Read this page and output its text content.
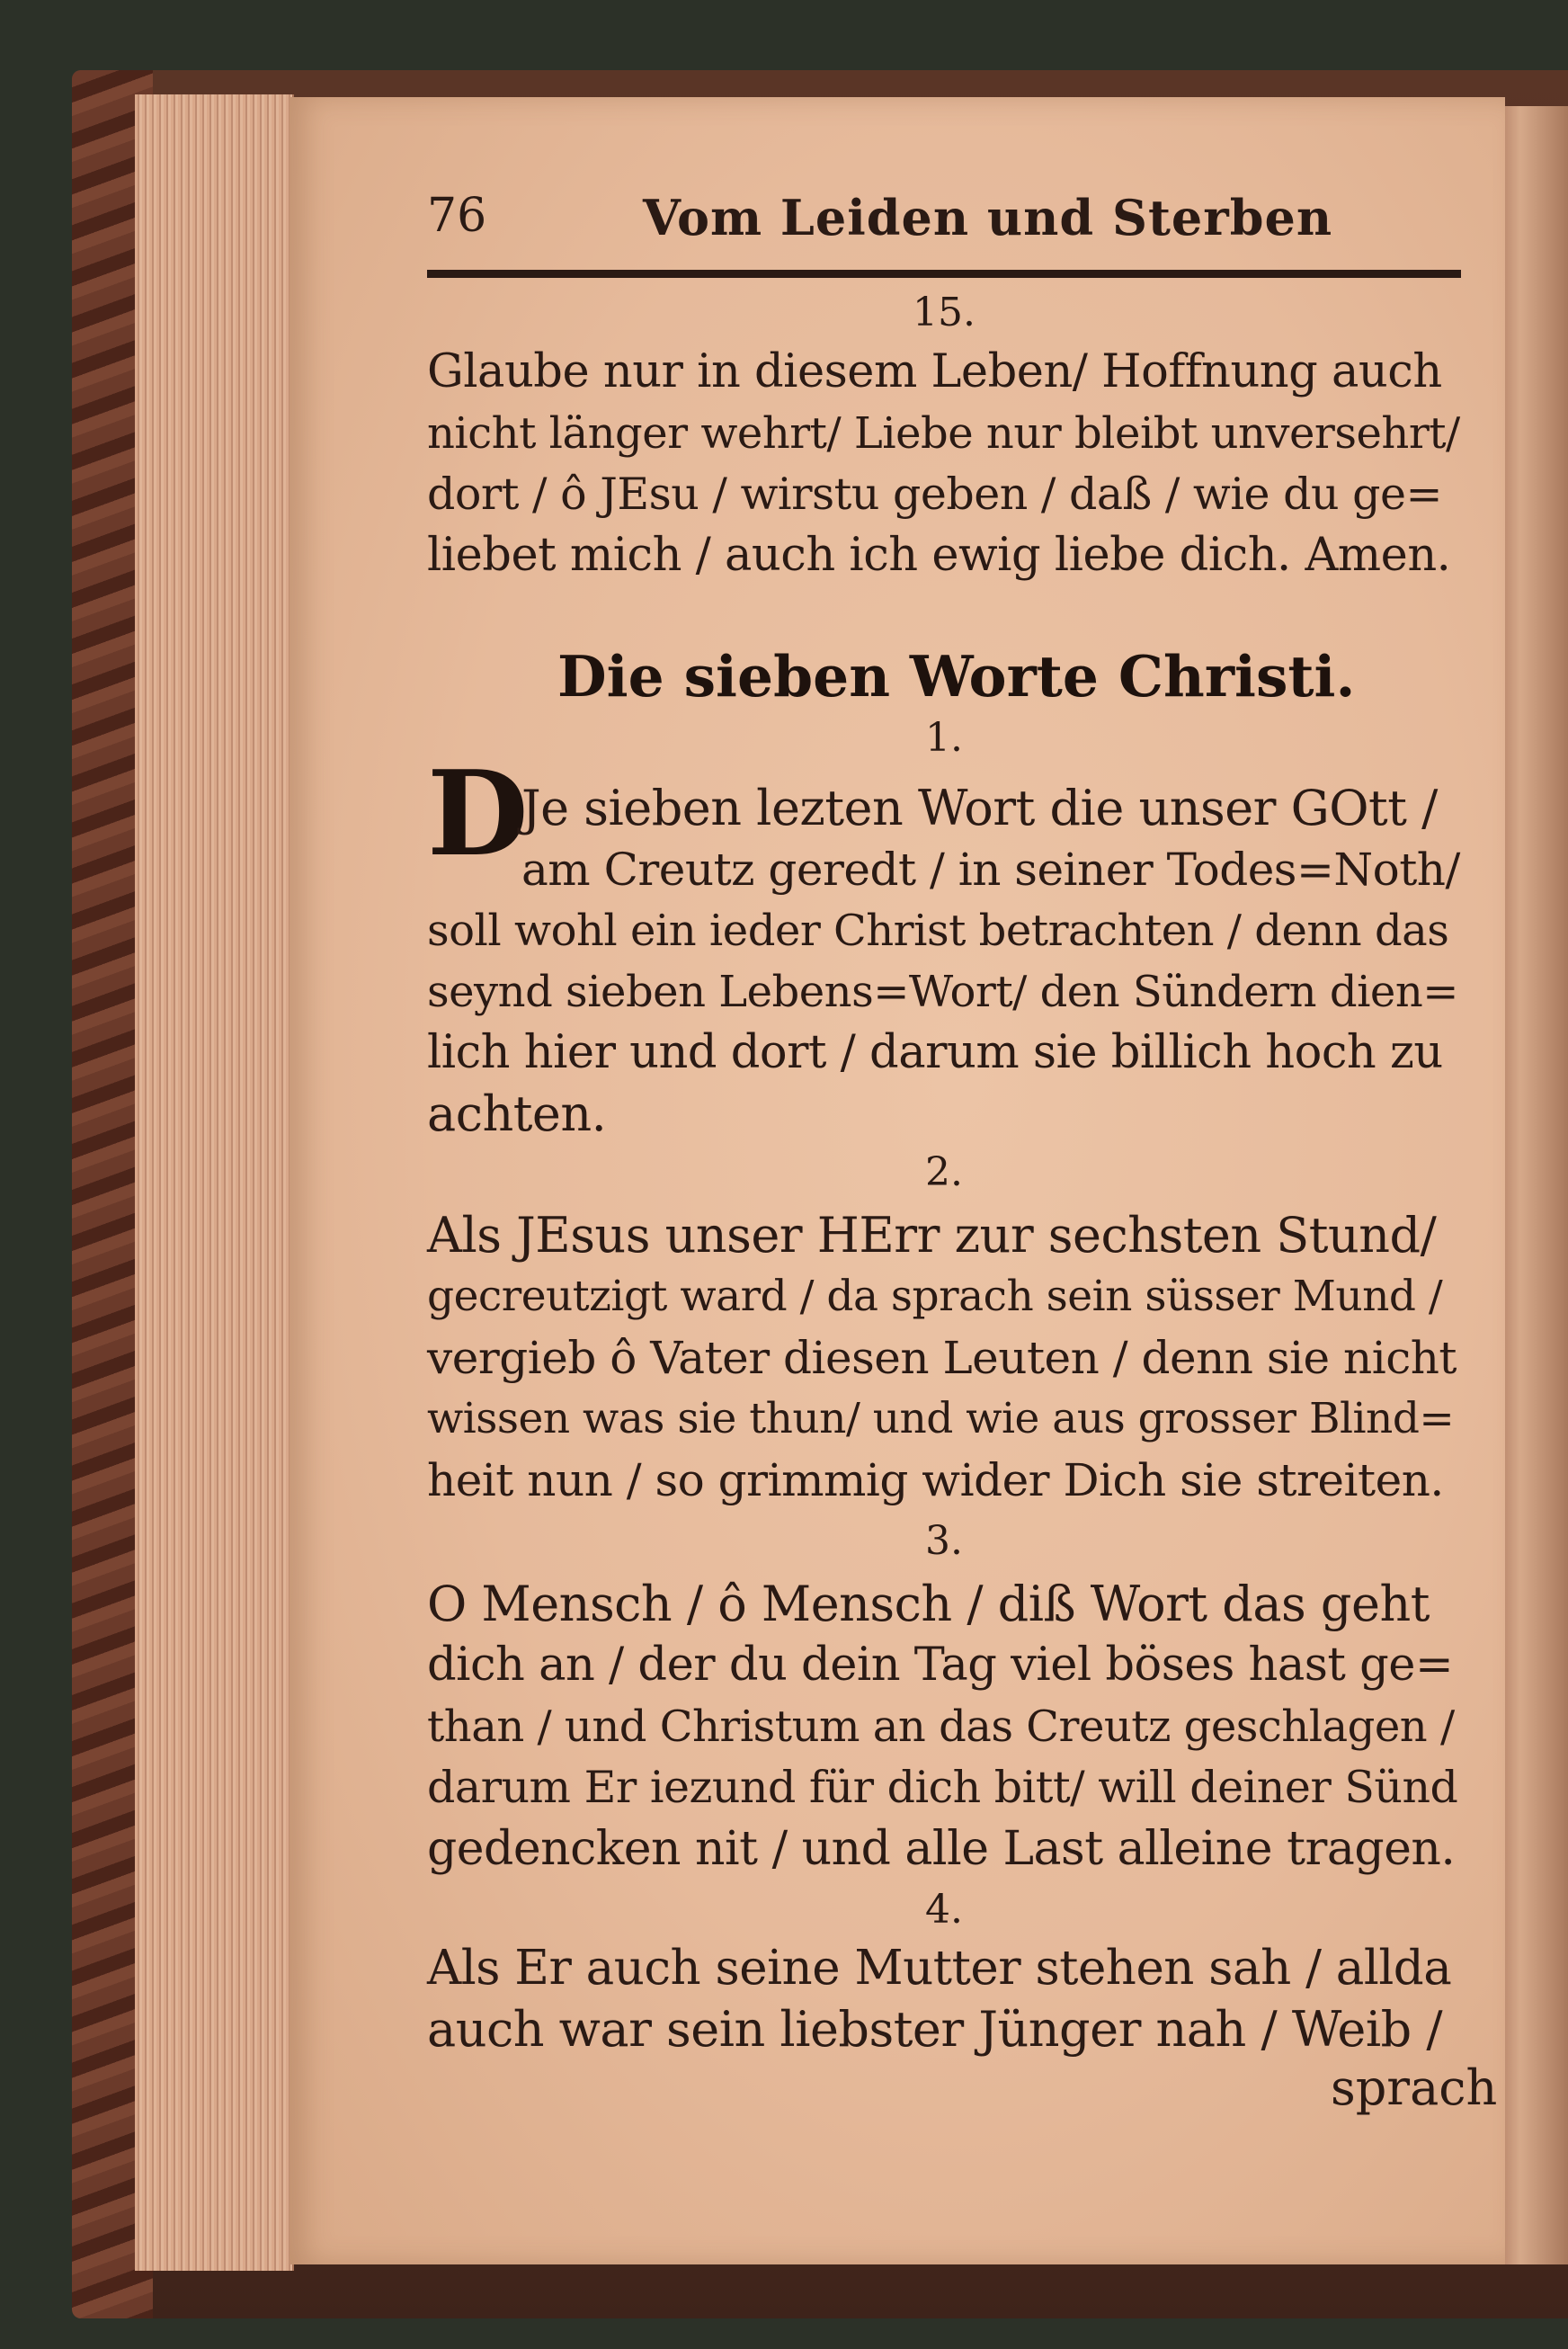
76	Vom Leiden und Sterben
15.
Glaube nur in diesem Leben/ Hoffnung auch
nicht länger wehrt/ Liebe nur bleibt unversehrt/
dort / ô JEsu / wirstu geben / daß / wie du ge=
liebet mich / auch ich ewig liebe dich. Amen.
Die sieben Worte Christi.
1.
D
Je sieben lezten Wort die unser GOtt /
am Creutz geredt / in seiner Todes=Noth/
soll wohl ein ieder Christ betrachten / denn das
seynd sieben Lebens=Wort/ den Sündern dien=
lich hier und dort / darum sie billich hoch zu
achten.
2.
Als JEsus unser HErr zur sechsten Stund/
gecreutzigt ward / da sprach sein süsser Mund /
vergieb ô Vater diesen Leuten / denn sie nicht
wissen was sie thun/ und wie aus grosser Blind=
heit nun / so grimmig wider Dich sie streiten.
3.
O Mensch / ô Mensch / diß Wort das geht
dich an / der du dein Tag viel böses hast ge=
than / und Christum an das Creutz geschlagen /
darum Er iezund für dich bitt/ will deiner Sünd
gedencken nit / und alle Last alleine tragen.
4.
Als Er auch seine Mutter stehen sah / allda
auch war sein liebster Jünger nah / Weib /
sprach
